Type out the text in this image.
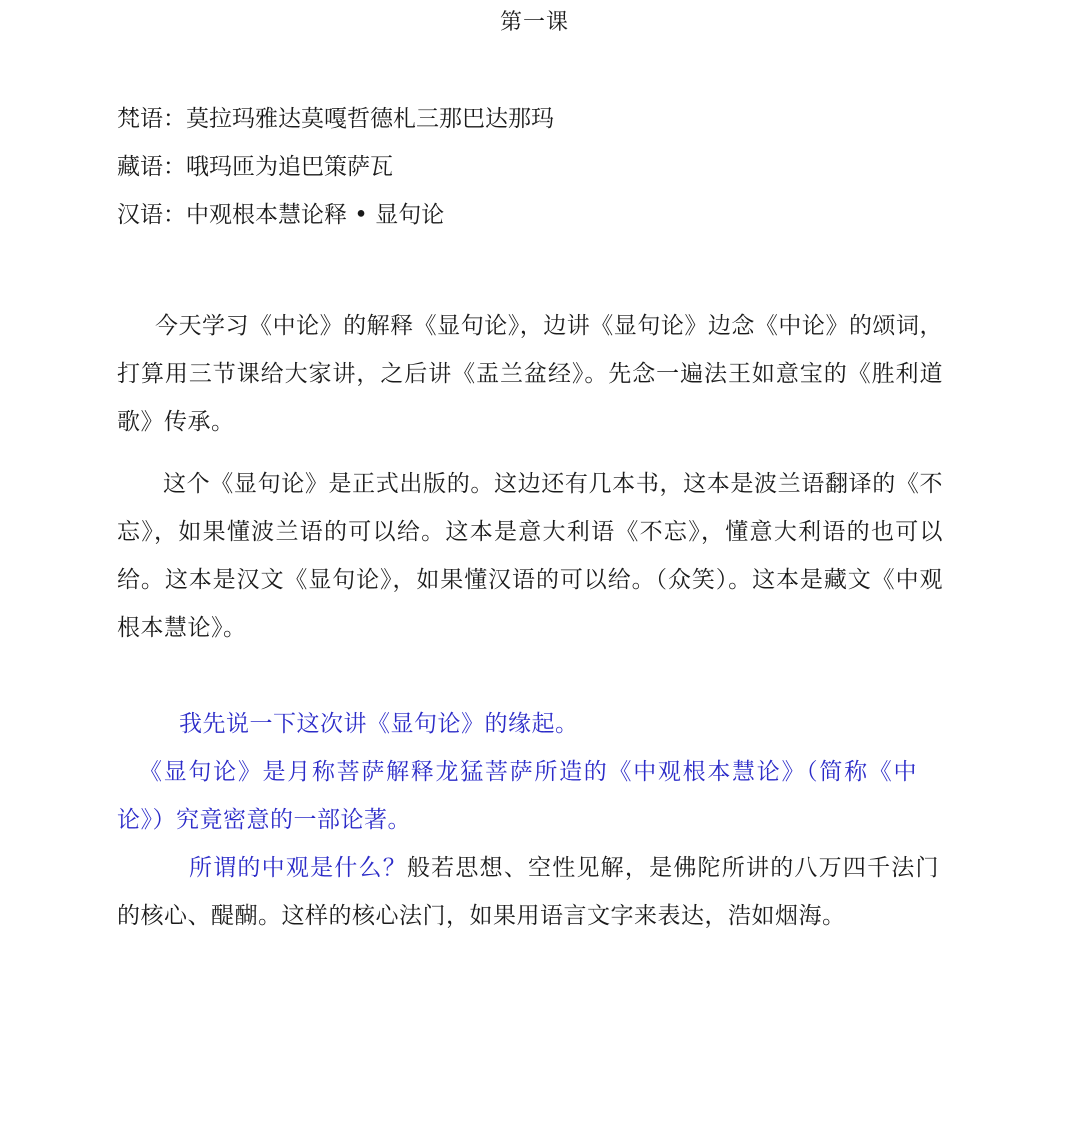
第一课
梵语：莫拉玛雅达莫嘎哲德札三那巴达那玛
藏语：哦玛匝为追巴策萨瓦
汉语：中观根本慧论释 • 显句论
今天学习《中论》的解释《显句论》，边讲《显句论》边念《中论》的颂词，打算用三节课给大家讲，之后讲《盂兰盆经》。先念一遍法王如意宝的《胜利道歌》传承。
这个《显句论》是正式出版的。这边还有几本书，这本是波兰语翻译的《不忘》，如果懂波兰语的可以给。这本是意大利语《不忘》，懂意大利语的也可以给。这本是汉文《显句论》，如果懂汉语的可以给。（众笑）。这本是藏文《中观根本慧论》。
我先说一下这次讲《显句论》的缘起。
《显句论》是月称菩萨解释龙猛菩萨所造的《中观根本慧论》（简称《中论》）究竟密意的一部论著。
所谓的中观是什么？般若思想、空性见解，是佛陀所讲的八万四千法门的核心、醍醐。这样的核心法门，如果用语言文字来表达，浩如烟海。
